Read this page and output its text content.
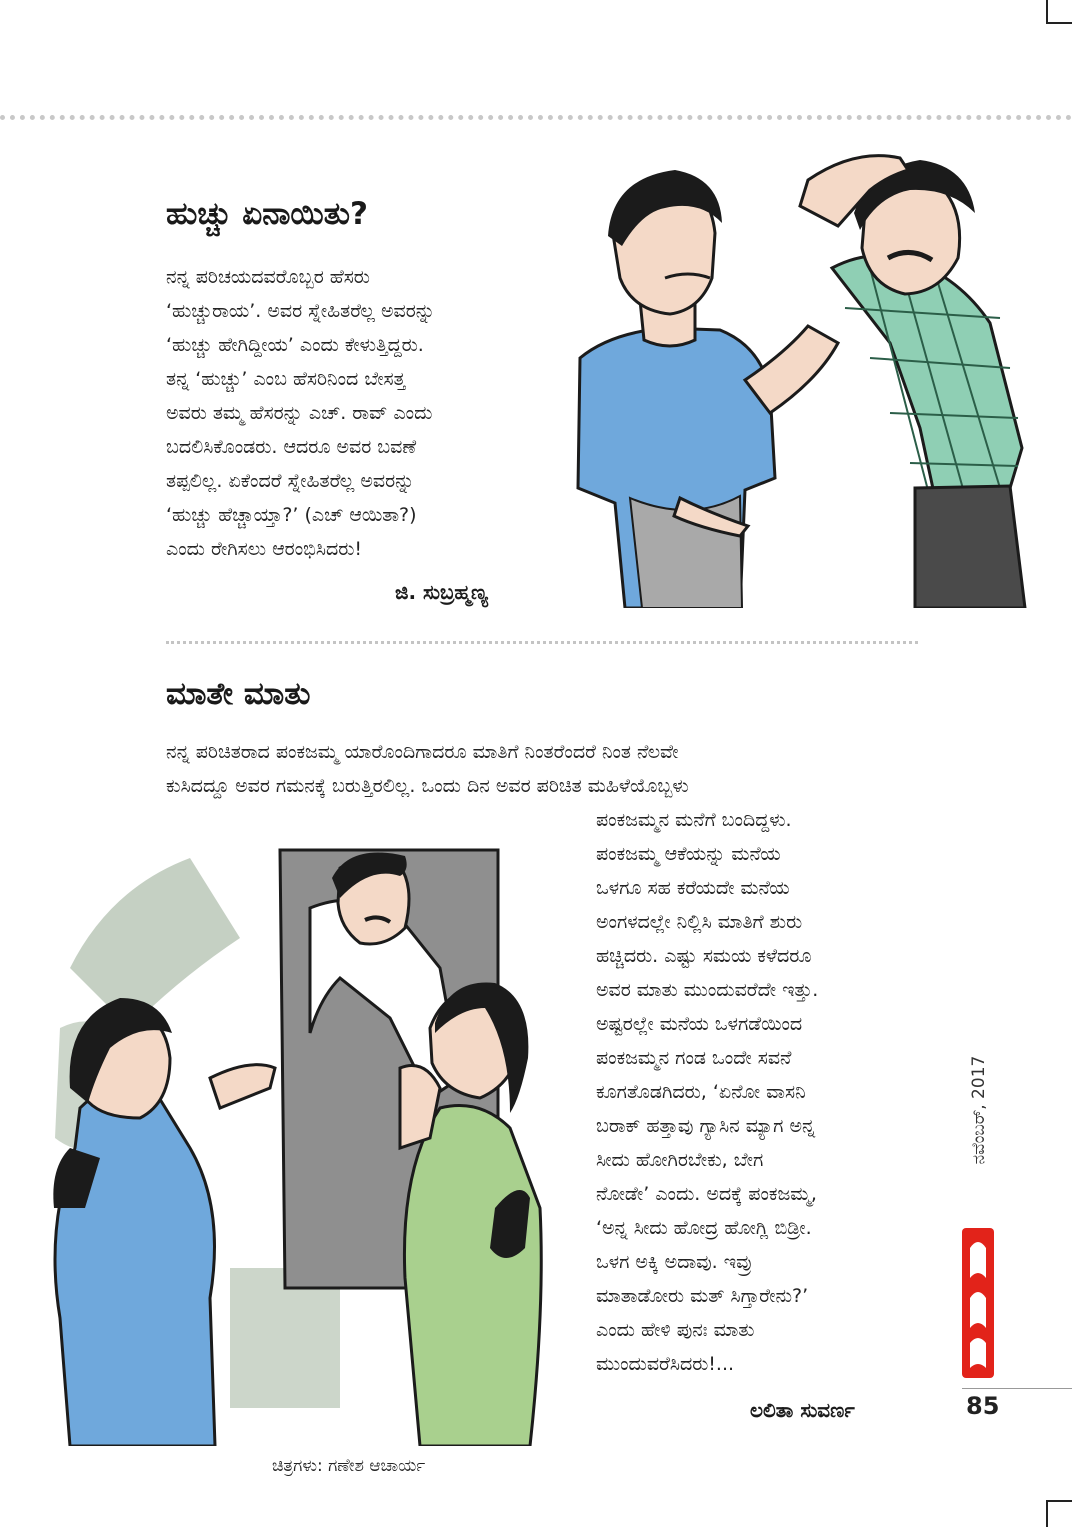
ಹುಚ್ಚು ಏನಾಯಿತು?

ನನ್ನ ಪರಿಚಯದವರೊಬ್ಬರ ಹೆಸರು
‘ಹುಚ್ಚುರಾಯ’. ಅವರ ಸ್ನೇಹಿತರೆಲ್ಲ ಅವರನ್ನು
‘ಹುಚ್ಚು ಹೇಗಿದ್ದೀಯ’ ಎಂದು ಕೇಳುತ್ತಿದ್ದರು.
ತನ್ನ ‘ಹುಚ್ಚು’ ಎಂಬ ಹೆಸರಿನಿಂದ ಬೇಸತ್ತ
ಅವರು ತಮ್ಮ ಹೆಸರನ್ನು ಎಚ್. ರಾವ್ ಎಂದು
ಬದಲಿಸಿಕೊಂಡರು. ಆದರೂ ಅವರ ಬವಣೆ
ತಪ್ಪಲಿಲ್ಲ. ಏಕೆಂದರೆ ಸ್ನೇಹಿತರೆಲ್ಲ ಅವರನ್ನು
‘ಹುಚ್ಚು ಹೆಚ್ಚಾಯ್ತಾ?’ (ಎಚ್ ಆಯಿತಾ?)
ಎಂದು ರೇಗಿಸಲು ಆರಂಭಿಸಿದರು!

ಜಿ. ಸುಬ್ರಹ್ಮಣ್ಯ

ಮಾತೇ ಮಾತು

ನನ್ನ ಪರಿಚಿತರಾದ ಪಂಕಜಮ್ಮ ಯಾರೊಂದಿಗಾದರೂ ಮಾತಿಗೆ ನಿಂತರೆಂದರೆ ನಿಂತ ನೆಲವೇ
ಕುಸಿದದ್ದೂ ಅವರ ಗಮನಕ್ಕೆ ಬರುತ್ತಿರಲಿಲ್ಲ. ಒಂದು ದಿನ ಅವರ ಪರಿಚಿತ ಮಹಿಳೆಯೊಬ್ಬಳು

ಪಂಕಜಮ್ಮನ ಮನೆಗೆ ಬಂದಿದ್ದಳು.
ಪಂಕಜಮ್ಮ ಆಕೆಯನ್ನು ಮನೆಯ
ಒಳಗೂ ಸಹ ಕರೆಯದೇ ಮನೆಯ
ಅಂಗಳದಲ್ಲೇ ನಿಲ್ಲಿಸಿ ಮಾತಿಗೆ ಶುರು
ಹಚ್ಚಿದರು. ಎಷ್ಟು ಸಮಯ ಕಳೆದರೂ
ಅವರ ಮಾತು ಮುಂದುವರೆದೇ ಇತ್ತು.
ಅಷ್ಟರಲ್ಲೇ ಮನೆಯ ಒಳಗಡೆಯಿಂದ
ಪಂಕಜಮ್ಮನ ಗಂಡ ಒಂದೇ ಸವನೆ
ಕೂಗತೊಡಗಿದರು, ‘ಏನೋ ವಾಸನಿ
ಬರಾಕ್ ಹತ್ತಾವು ಗ್ಯಾಸಿನ ಮ್ಯಾಗ ಅನ್ನ
ಸೀದು ಹೋಗಿರಬೇಕು, ಬೇಗ
ನೋಡೇ’ ಎಂದು. ಅದಕ್ಕೆ ಪಂಕಜಮ್ಮ,
‘ಅನ್ನ ಸೀದು ಹೋದ್ರ ಹೋಗ್ಲಿ ಬಿಡ್ರೀ.
ಒಳಗ ಅಕ್ಕಿ ಅದಾವು. ಇವ್ರು
ಮಾತಾಡೋರು ಮತ್ ಸಿಗ್ತಾರೇನು?’
ಎಂದು ಹೇಳಿ ಪುನಃ ಮಾತು
ಮುಂದುವರೆಸಿದರು!...

ಲಲಿತಾ ಸುವರ್ಣ

ಚಿತ್ರಗಳು: ಗಣೇಶ ಆಚಾರ್ಯ

ನವೆಂಬರ್, 2017

85
